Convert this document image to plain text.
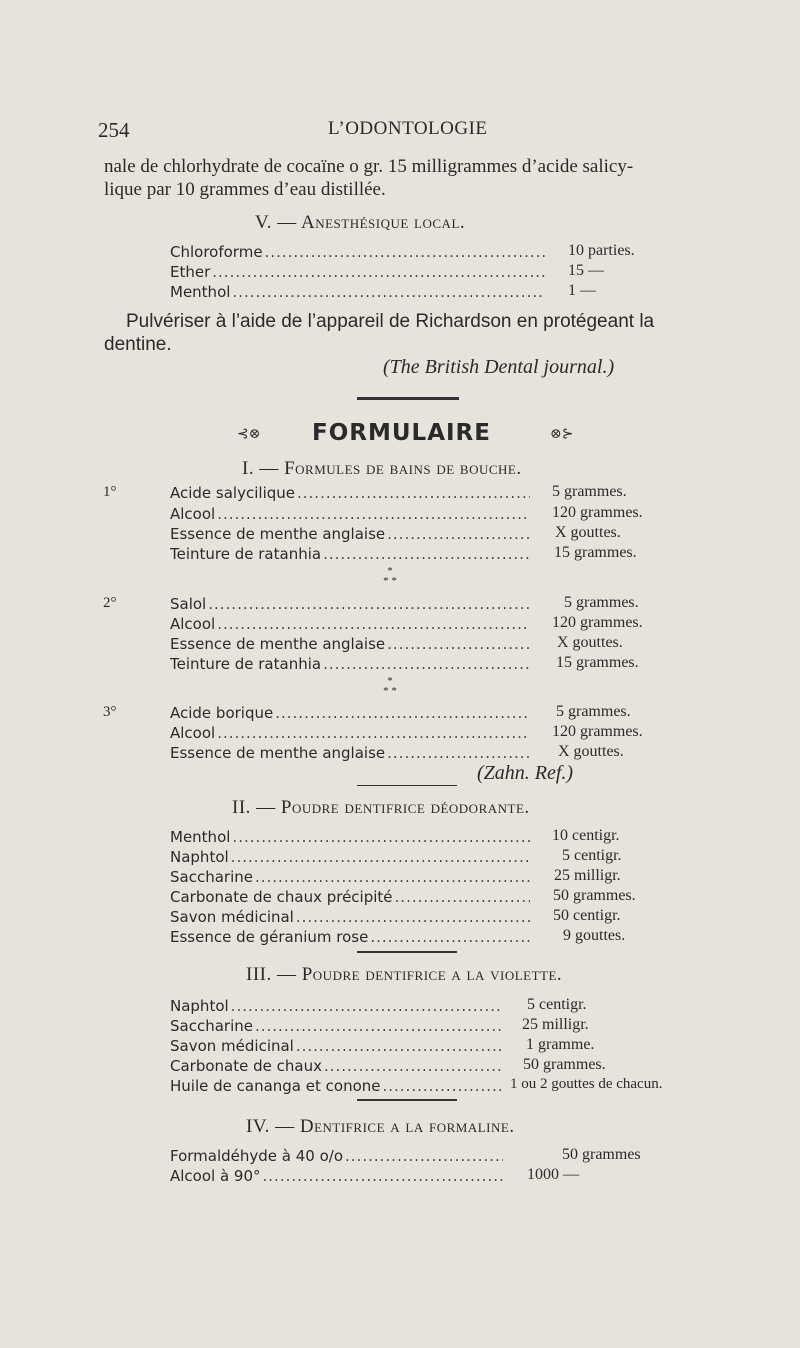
254	L’ODONTOLOGIE
nale de chlorhydrate de cocaïne o gr. 15 milligrammes d’acide salicy-
lique par 10 grammes d’eau distillée.
V. — Anesthésique local.
Chloroforme .....	10 parties.
Ether .....	15 —
Menthol .....	1 —
Pulvériser à l’aide de l’appareil de Richardson en protégeant la
dentine.
(The British Dental journal.)
⊰⊗ FORMULAIRE	⊗⊱
I. — Formules de bains de bouche.
1°	Acide salycilique .....	5 grammes.
Alcool .....	120 grammes.
Essence de menthe anglaise .....	X gouttes.
Teinture de ratanhia .....	15 grammes.
*
* *
2°	Salol .....	5 grammes.
Alcool .....	120 grammes.
Essence de menthe anglaise .....	X gouttes.
Teinture de ratanhia .....	15 grammes.
*
* *
3°	Acide borique .....	5 grammes.
Alcool .....	120 grammes.
Essence de menthe anglaise .....	X gouttes.
(Zahn. Ref.)
II. — Poudre dentifrice déodorante.
Menthol .....	10 centigr.
Naphtol .....	5 centigr.
Saccharine .....	25 milligr.
Carbonate de chaux précipité .....	50 grammes.
Savon médicinal .....	50 centigr.
Essence de géranium rose .....	9 gouttes.
III. — Poudre dentifrice a la violette.
Naphtol .....	5 centigr.
Saccharine .....	25 milligr.
Savon médicinal .....	1 gramme.
Carbonate de chaux .....	50 grammes.
Huile de cananga et conone .....	1 ou 2 gouttes de chacun.
IV. — Dentifrice a la formaline.
Formaldéhyde à 40 o/o .....	50 grammes
Alcool à 90° .....	1000 —
